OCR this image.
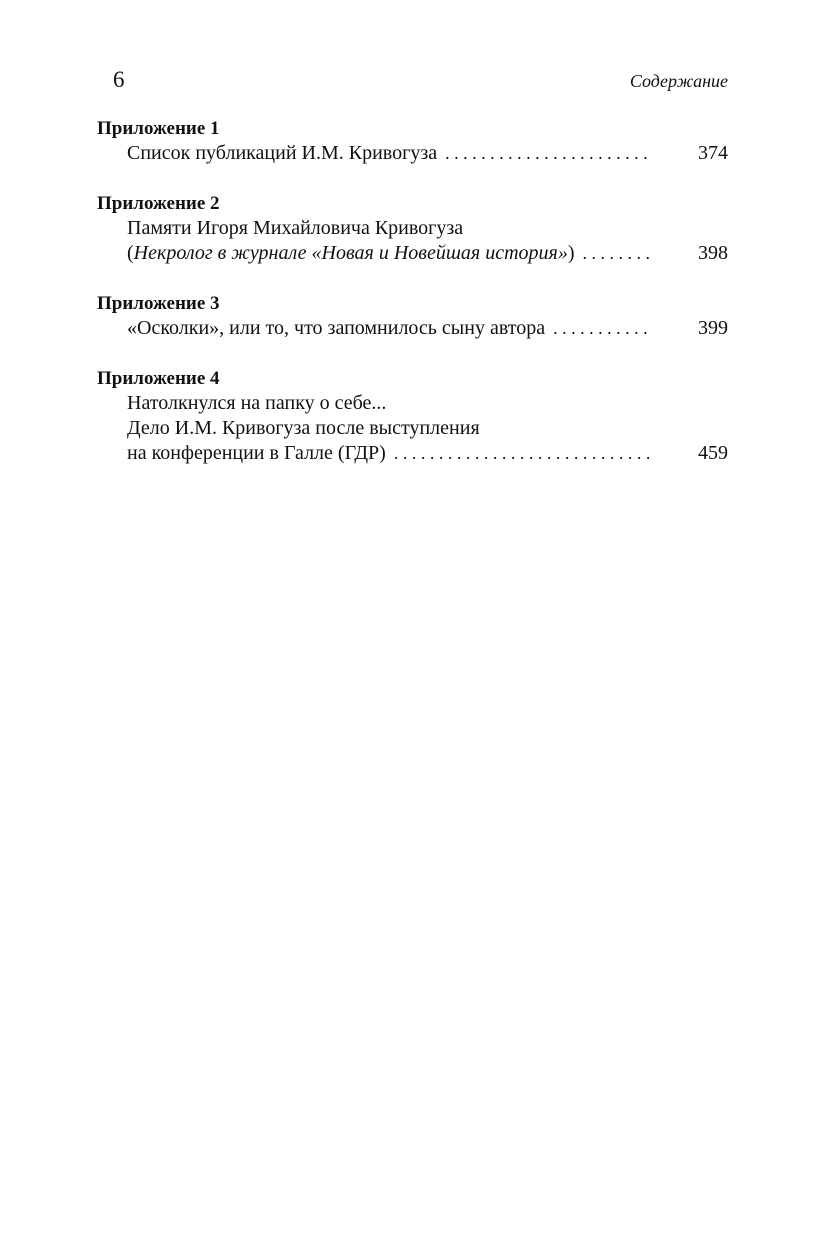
6	Содержание
Приложение 1
Список публикаций И.М. Кривогуза . . .	374
Приложение 2
Памяти Игоря Михайловича Кривогуза
(Некролог в журнале «Новая и Новейшая история») . . .	398
Приложение 3
«Осколки», или то, что запомнилось сыну автора . . .	399
Приложение 4
Натолкнулся на папку о себе...
Дело И.М. Кривогуза после выступления
на конференции в Галле (ГДР) . . .	459
